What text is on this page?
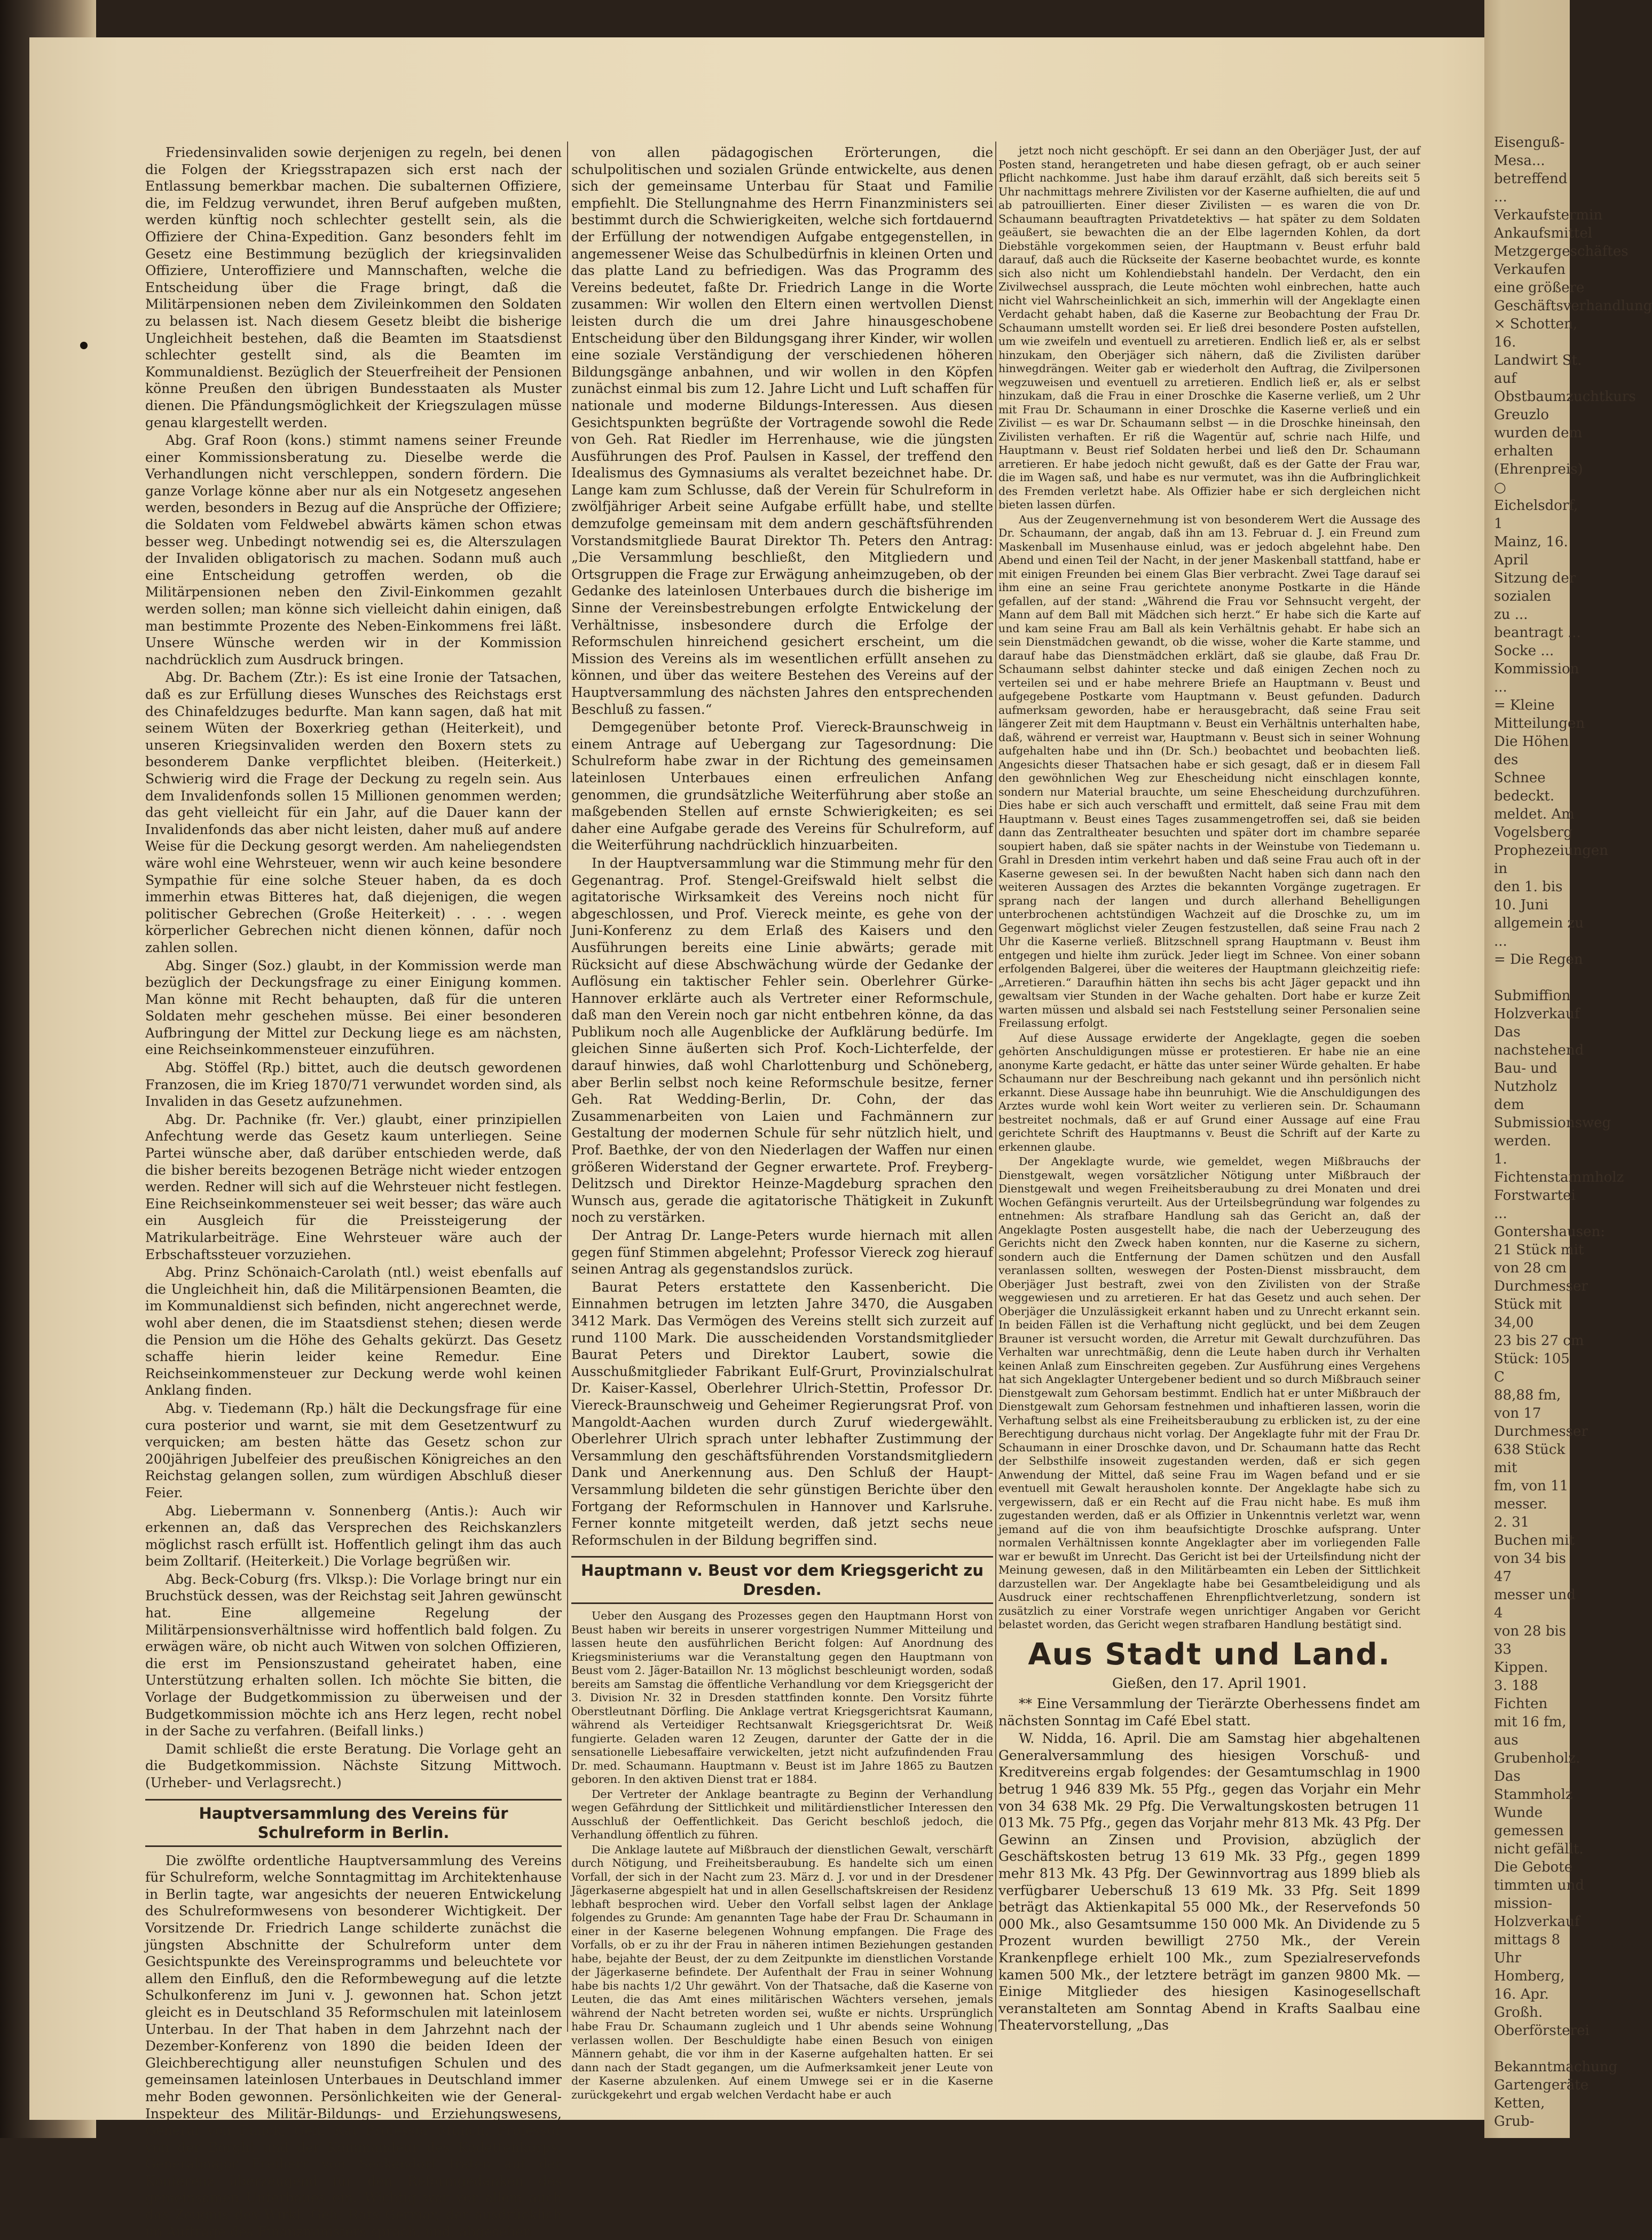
Friedensinvaliden sowie derjenigen zu regeln, bei denen die Folgen der Kriegsstrapazen sich erst nach der Entlassung bemerkbar machen. Die subalternen Offiziere, die, im Feldzug verwundet, ihren Beruf aufgeben mußten, werden künftig noch schlechter gestellt sein, als die Offiziere der China-Expedition. Ganz besonders fehlt im Gesetz eine Bestimmung bezüglich der kriegsinvaliden Offiziere, Unteroffiziere und Mannschaften, welche die Entscheidung über die Frage bringt, daß die Militärpensionen neben dem Zivileinkommen den Soldaten zu belassen ist. Nach diesem Gesetz bleibt die bisherige Ungleichheit bestehen, daß die Beamten im Staatsdienst schlechter gestellt sind, als die Beamten im Kommunaldienst. Bezüglich der Steuerfreiheit der Pensionen könne Preußen den übrigen Bundesstaaten als Muster dienen. Die Pfändungsmöglichkeit der Kriegszulagen müsse genau klargestellt werden.

Abg. Graf Roon (kons.) stimmt namens seiner Freunde einer Kommissionsberatung zu. Dieselbe werde die Verhandlungen nicht verschleppen, sondern fördern. Die ganze Vorlage könne aber nur als ein Notgesetz angesehen werden, besonders in Bezug auf die Ansprüche der Offiziere; die Soldaten vom Feldwebel abwärts kämen schon etwas besser weg. Unbedingt notwendig sei es, die Alterszulagen der Invaliden obligatorisch zu machen. Sodann muß auch eine Entscheidung getroffen werden, ob die Militärpensionen neben den Zivil-Einkommen gezahlt werden sollen; man könne sich vielleicht dahin einigen, daß man bestimmte Prozente des Neben-Einkommens frei läßt. Unsere Wünsche werden wir in der Kommission nachdrücklich zum Ausdruck bringen.

Abg. Dr. Bachem (Ztr.): Es ist eine Ironie der Tatsachen, daß es zur Erfüllung dieses Wunsches des Reichstags erst des Chinafeldzuges bedurfte. Man kann sagen, daß hat mit seinem Wüten der Boxerkrieg gethan (Heiterkeit), und unseren Kriegsinvaliden werden den Boxern stets zu besonderem Danke verpflichtet bleiben. (Heiterkeit.) Schwierig wird die Frage der Deckung zu regeln sein. Aus dem Invalidenfonds sollen 15 Millionen genommen werden; das geht vielleicht für ein Jahr, auf die Dauer kann der Invalidenfonds das aber nicht leisten, daher muß auf andere Weise für die Deckung gesorgt werden. Am naheliegendsten wäre wohl eine Wehrsteuer, wenn wir auch keine besondere Sympathie für eine solche Steuer haben, da es doch immerhin etwas Bitteres hat, daß diejenigen, die wegen politischer Gebrechen (Große Heiterkeit) . . . . wegen körperlicher Gebrechen nicht dienen können, dafür noch zahlen sollen.

Abg. Singer (Soz.) glaubt, in der Kommission werde man bezüglich der Deckungsfrage zu einer Einigung kommen. Man könne mit Recht behaupten, daß für die unteren Soldaten mehr geschehen müsse. Bei einer besonderen Aufbringung der Mittel zur Deckung liege es am nächsten, eine Reichseinkommensteuer einzuführen.

Abg. Stöffel (Rp.) bittet, auch die deutsch gewordenen Franzosen, die im Krieg 1870/71 verwundet worden sind, als Invaliden in das Gesetz aufzunehmen.

Abg. Dr. Pachnike (fr. Ver.) glaubt, einer prinzipiellen Anfechtung werde das Gesetz kaum unterliegen. Seine Partei wünsche aber, daß darüber entschieden werde, daß die bisher bereits bezogenen Beträge nicht wieder entzogen werden. Redner will sich auf die Wehrsteuer nicht festlegen. Eine Reichseinkommensteuer sei weit besser; das wäre auch ein Ausgleich für die Preissteigerung der Matrikularbeiträge. Eine Wehrsteuer wäre auch der Erbschaftssteuer vorzuziehen.

Abg. Prinz Schönaich-Carolath (ntl.) weist ebenfalls auf die Ungleichheit hin, daß die Militärpensionen Beamten, die im Kommunaldienst sich befinden, nicht angerechnet werde, wohl aber denen, die im Staatsdienst stehen; diesen werde die Pension um die Höhe des Gehalts gekürzt. Das Gesetz schaffe hierin leider keine Remedur. Eine Reichseinkommensteuer zur Deckung werde wohl keinen Anklang finden.

Abg. v. Tiedemann (Rp.) hält die Deckungsfrage für eine cura posterior und warnt, sie mit dem Gesetzentwurf zu verquicken; am besten hätte das Gesetz schon zur 200jährigen Jubelfeier des preußischen Königreiches an den Reichstag gelangen sollen, zum würdigen Abschluß dieser Feier.

Abg. Liebermann v. Sonnenberg (Antis.): Auch wir erkennen an, daß das Versprechen des Reichskanzlers möglichst rasch erfüllt ist. Hoffentlich gelingt ihm das auch beim Zolltarif. (Heiterkeit.) Die Vorlage begrüßen wir.

Abg. Beck-Coburg (frs. Vlksp.): Die Vorlage bringt nur ein Bruchstück dessen, was der Reichstag seit Jahren gewünscht hat. Eine allgemeine Regelung der Militärpensionsverhältnisse wird hoffentlich bald folgen. Zu erwägen wäre, ob nicht auch Witwen von solchen Offizieren, die erst im Pensionszustand geheiratet haben, eine Unterstützung erhalten sollen. Ich möchte Sie bitten, die Vorlage der Budgetkommission zu überweisen und der Budgetkommission möchte ich ans Herz legen, recht nobel in der Sache zu verfahren. (Beifall links.)

Damit schließt die erste Beratung. Die Vorlage geht an die Budgetkommission. Nächste Sitzung Mittwoch. (Urheber- und Verlagsrecht.)

Hauptversammlung des Vereins für Schulreform in Berlin.

Die zwölfte ordentliche Hauptversammlung des Vereins für Schulreform, welche Sonntagmittag im Architektenhause in Berlin tagte, war angesichts der neueren Entwickelung des Schulreformwesens von besonderer Wichtigkeit. Der Vorsitzende Dr. Friedrich Lange schilderte zunächst die jüngsten Abschnitte der Schulreform unter dem Gesichtspunkte des Vereinsprogramms und beleuchtete vor allem den Einfluß, den die Reformbewegung auf die letzte Schulkonferenz im Juni v. J. gewonnen hat. Schon jetzt gleicht es in Deutschland 35 Reformschulen mit lateinlosem Unterbau. In der That haben in dem Jahrzehnt nach der Dezember-Konferenz von 1890 die beiden Ideen der Gleichberechtigung aller neunstufigen Schulen und des gemeinsamen lateinlosen Unterbaues in Deutschland immer mehr Boden gewonnen. Persönlichkeiten wie der General-Inspekteur des Militär-Bildungs- und Erziehungswesens, General von Funck, Geh. Rat Professor Münch, Professor von der Borght und der Kommandeur des Kadettenkorps, Generalmajor Freiherr von Seckendorf traten auf der Konferenz überzeugend für den Reformgedanken des gemeinsamen Unterbaues ein. Wichtig war vor allem auch das Zeugnis des Wirkl. Geh. Rats Germar, der ausdrücklich im Auftrage des Finanzministers sprach, und, abgesehen

von allen pädagogischen Erörterungen, die schulpolitischen und sozialen Gründe entwickelte, aus denen sich der gemeinsame Unterbau für Staat und Familie empfiehlt. Die Stellungnahme des Herrn Finanzministers sei bestimmt durch die Schwierigkeiten, welche sich fortdauernd der Erfüllung der notwendigen Aufgabe entgegenstellen, in angemessener Weise das Schulbedürfnis in kleinen Orten und das platte Land zu befriedigen. Was das Programm des Vereins bedeutet, faßte Dr. Friedrich Lange in die Worte zusammen: Wir wollen den Eltern einen wertvollen Dienst leisten durch die um drei Jahre hinausgeschobene Entscheidung über den Bildungsgang ihrer Kinder, wir wollen eine soziale Verständigung der verschiedenen höheren Bildungsgänge anbahnen, und wir wollen in den Köpfen zunächst einmal bis zum 12. Jahre Licht und Luft schaffen für nationale und moderne Bildungs-Interessen. Aus diesen Gesichtspunkten begrüßte der Vortragende sowohl die Rede von Geh. Rat Riedler im Herrenhause, wie die jüngsten Ausführungen des Prof. Paulsen in Kassel, der treffend den Idealismus des Gymnasiums als veraltet bezeichnet habe. Dr. Lange kam zum Schlusse, daß der Verein für Schulreform in zwölfjähriger Arbeit seine Aufgabe erfüllt habe, und stellte demzufolge gemeinsam mit dem andern geschäftsführenden Vorstandsmitgliede Baurat Direktor Th. Peters den Antrag: „Die Versammlung beschließt, den Mitgliedern und Ortsgruppen die Frage zur Erwägung anheimzugeben, ob der Gedanke des lateinlosen Unterbaues durch die bisherige im Sinne der Vereinsbestrebungen erfolgte Entwickelung der Verhältnisse, insbesondere durch die Erfolge der Reformschulen hinreichend gesichert erscheint, um die Mission des Vereins als im wesentlichen erfüllt ansehen zu können, und über das weitere Bestehen des Vereins auf der Hauptversammlung des nächsten Jahres den entsprechenden Beschluß zu fassen.“

Demgegenüber betonte Prof. Viereck-Braunschweig in einem Antrage auf Uebergang zur Tagesordnung: Die Schulreform habe zwar in der Richtung des gemeinsamen lateinlosen Unterbaues einen erfreulichen Anfang genommen, die grundsätzliche Weiterführung aber stoße an maßgebenden Stellen auf ernste Schwierigkeiten; es sei daher eine Aufgabe gerade des Vereins für Schulreform, auf die Weiterführung nachdrücklich hinzuarbeiten.

In der Hauptversammlung war die Stimmung mehr für den Gegenantrag. Prof. Stengel-Greifswald hielt selbst die agitatorische Wirksamkeit des Vereins noch nicht für abgeschlossen, und Prof. Viereck meinte, es gehe von der Juni-Konferenz zu dem Erlaß des Kaisers und den Ausführungen bereits eine Linie abwärts; gerade mit Rücksicht auf diese Abschwächung würde der Gedanke der Auflösung ein taktischer Fehler sein. Oberlehrer Gürke-Hannover erklärte auch als Vertreter einer Reformschule, daß man den Verein noch gar nicht entbehren könne, da das Publikum noch alle Augenblicke der Aufklärung bedürfe. Im gleichen Sinne äußerten sich Prof. Koch-Lichterfelde, der darauf hinwies, daß wohl Charlottenburg und Schöneberg, aber Berlin selbst noch keine Reformschule besitze, ferner Geh. Rat Wedding-Berlin, Dr. Cohn, der das Zusammenarbeiten von Laien und Fachmännern zur Gestaltung der modernen Schule für sehr nützlich hielt, und Prof. Baethke, der von den Niederlagen der Waffen nur einen größeren Widerstand der Gegner erwartete. Prof. Freyberg-Delitzsch und Direktor Heinze-Magdeburg sprachen den Wunsch aus, gerade die agitatorische Thätigkeit in Zukunft noch zu verstärken.

Der Antrag Dr. Lange-Peters wurde hiernach mit allen gegen fünf Stimmen abgelehnt; Professor Viereck zog hierauf seinen Antrag als gegenstandslos zurück.

Baurat Peters erstattete den Kassenbericht. Die Einnahmen betrugen im letzten Jahre 3470, die Ausgaben 3412 Mark. Das Vermögen des Vereins stellt sich zurzeit auf rund 1100 Mark. Die ausscheidenden Vorstandsmitglieder Baurat Peters und Direktor Laubert, sowie die Ausschußmitglieder Fabrikant Eulf-Grurt, Provinzialschulrat Dr. Kaiser-Kassel, Oberlehrer Ulrich-Stettin, Professor Dr. Viereck-Braunschweig und Geheimer Regierungsrat Prof. von Mangoldt-Aachen wurden durch Zuruf wiedergewählt. Oberlehrer Ulrich sprach unter lebhafter Zustimmung der Versammlung den geschäftsführenden Vorstandsmitgliedern Dank und Anerkennung aus. Den Schluß der Haupt-Versammlung bildeten die sehr günstigen Berichte über den Fortgang der Reformschulen in Hannover und Karlsruhe. Ferner konnte mitgeteilt werden, daß jetzt sechs neue Reformschulen in der Bildung begriffen sind.

Hauptmann v. Beust vor dem Kriegsgericht zu Dresden.

Ueber den Ausgang des Prozesses gegen den Hauptmann Horst von Beust haben wir bereits in unserer vorgestrigen Nummer Mitteilung und lassen heute den ausführlichen Bericht folgen: Auf Anordnung des Kriegsministeriums war die Veranstaltung gegen den Hauptmann von Beust vom 2. Jäger-Bataillon Nr. 13 möglichst beschleunigt worden, sodaß bereits am Samstag die öffentliche Verhandlung vor dem Kriegsgericht der 3. Division Nr. 32 in Dresden stattfinden konnte. Den Vorsitz führte Oberstleutnant Dörfling. Die Anklage vertrat Kriegsgerichtsrat Kaumann, während als Verteidiger Rechtsanwalt Kriegsgerichtsrat Dr. Weiß fungierte. Geladen waren 12 Zeugen, darunter der Gatte der in die sensationelle Liebesaffaire verwickelten, jetzt nicht aufzufindenden Frau Dr. med. Schaumann. Hauptmann v. Beust ist im Jahre 1865 zu Bautzen geboren. In den aktiven Dienst trat er 1884.

Der Vertreter der Anklage beantragte zu Beginn der Verhandlung wegen Gefährdung der Sittlichkeit und militärdienstlicher Interessen den Ausschluß der Oeffentlichkeit. Das Gericht beschloß jedoch, die Verhandlung öffentlich zu führen.

Die Anklage lautete auf Mißbrauch der dienstlichen Gewalt, verschärft durch Nötigung, und Freiheitsberaubung. Es handelte sich um einen Vorfall, der sich in der Nacht zum 23. März d. J. vor und in der Dresdener Jägerkaserne abgespielt hat und in allen Gesellschaftskreisen der Residenz lebhaft besprochen wird. Ueber den Vorfall selbst lagen der Anklage folgendes zu Grunde: Am genannten Tage habe der Frau Dr. Schaumann in einer in der Kaserne belegenen Wohnung empfangen. Die Frage des Vorfalls, ob er zu ihr der Frau in näheren intimen Beziehungen gestanden habe, bejahte der Beust, der zu dem Zeitpunkte im dienstlichen Vorstande der Jägerkaserne befindete. Der Aufenthalt der Frau in seiner Wohnung habe bis nachts 1/2 Uhr gewährt. Von der Thatsache, daß die Kaserne von Leuten, die das Amt eines militärischen Wächters versehen, jemals während der Nacht betreten worden sei, wußte er nichts. Ursprünglich habe Frau Dr. Schaumann zugleich und 1 Uhr abends seine Wohnung verlassen wollen. Der Beschuldigte habe einen Besuch von einigen Männern gehabt, die vor ihm in der Kaserne aufgehalten hatten. Er sei dann nach der Stadt gegangen, um die Aufmerksamkeit jener Leute von der Kaserne abzulenken. Auf einem Umwege sei er in die Kaserne zurückgekehrt und ergab welchen Verdacht habe er auch

jetzt noch nicht geschöpft. Er sei dann an den Oberjäger Just, der auf Posten stand, herangetreten und habe diesen gefragt, ob er auch seiner Pflicht nachkomme. Just habe ihm darauf erzählt, daß sich bereits seit 5 Uhr nachmittags mehrere Zivilisten vor der Kaserne aufhielten, die auf und ab patrouillierten. Einer dieser Zivilisten — es waren die von Dr. Schaumann beauftragten Privatdetektivs — hat später zu dem Soldaten geäußert, sie bewachten die an der Elbe lagernden Kohlen, da dort Diebstähle vorgekommen seien, der Hauptmann v. Beust erfuhr bald darauf, daß auch die Rückseite der Kaserne beobachtet wurde, es konnte sich also nicht um Kohlendiebstahl handeln. Der Verdacht, den ein Zivilwechsel aussprach, die Leute möchten wohl einbrechen, hatte auch nicht viel Wahrscheinlichkeit an sich, immerhin will der Angeklagte einen Verdacht gehabt haben, daß die Kaserne zur Beobachtung der Frau Dr. Schaumann umstellt worden sei. Er ließ drei besondere Posten aufstellen, um wie zweifeln und eventuell zu arretieren. Endlich ließ er, als er selbst hinzukam, den Oberjäger sich nähern, daß die Zivilisten darüber hinwegdrängen. Weiter gab er wiederholt den Auftrag, die Zivilpersonen wegzuweisen und eventuell zu arretieren. Endlich ließ er, als er selbst hinzukam, daß die Frau in einer Droschke die Kaserne verließ, um 2 Uhr mit Frau Dr. Schaumann in einer Droschke die Kaserne verließ und ein Zivilist — es war Dr. Schaumann selbst — in die Droschke hineinsah, den Zivilisten verhaften. Er riß die Wagentür auf, schrie nach Hilfe, und Hauptmann v. Beust rief Soldaten herbei und ließ den Dr. Schaumann arretieren. Er habe jedoch nicht gewußt, daß es der Gatte der Frau war, die im Wagen saß, und habe es nur vermutet, was ihn die Aufbringlichkeit des Fremden verletzt habe. Als Offizier habe er sich dergleichen nicht bieten lassen dürfen.

Aus der Zeugenvernehmung ist von besonderem Wert die Aussage des Dr. Schaumann, der angab, daß ihn am 13. Februar d. J. ein Freund zum Maskenball im Musenhause einlud, was er jedoch abgelehnt habe. Den Abend und einen Teil der Nacht, in der jener Maskenball stattfand, habe er mit einigen Freunden bei einem Glas Bier verbracht. Zwei Tage darauf sei ihm eine an seine Frau gerichtete anonyme Postkarte in die Hände gefallen, auf der stand: „Während die Frau vor Sehnsucht vergeht, der Mann auf dem Ball mit Mädchen sich herzt.“ Er habe sich die Karte auf und kam seine Frau am Ball als kein Verhältnis gehabt. Er habe sich an sein Dienstmädchen gewandt, ob die wisse, woher die Karte stamme, und darauf habe das Dienstmädchen erklärt, daß sie glaube, daß Frau Dr. Schaumann selbst dahinter stecke und daß einigen Zechen noch zu verteilen sei und er habe mehrere Briefe an Hauptmann v. Beust und aufgegebene Postkarte vom Hauptmann v. Beust gefunden. Dadurch aufmerksam geworden, habe er herausgebracht, daß seine Frau seit längerer Zeit mit dem Hauptmann v. Beust ein Verhältnis unterhalten habe, daß, während er verreist war, Hauptmann v. Beust sich in seiner Wohnung aufgehalten habe und ihn (Dr. Sch.) beobachtet und beobachten ließ. Angesichts dieser Thatsachen habe er sich gesagt, daß er in diesem Fall den gewöhnlichen Weg zur Ehescheidung nicht einschlagen konnte, sondern nur Material brauchte, um seine Ehescheidung durchzuführen. Dies habe er sich auch verschafft und ermittelt, daß seine Frau mit dem Hauptmann v. Beust eines Tages zusammengetroffen sei, daß sie beiden dann das Zentraltheater besuchten und später dort im chambre separée soupiert haben, daß sie später nachts in der Weinstube von Tiedemann u. Grahl in Dresden intim verkehrt haben und daß seine Frau auch oft in der Kaserne gewesen sei. In der bewußten Nacht haben sich dann nach den weiteren Aussagen des Arztes die bekannten Vorgänge zugetragen. Er sprang nach der langen und durch allerhand Behelligungen unterbrochenen achtstündigen Wachzeit auf die Droschke zu, um im Gegenwart möglichst vieler Zeugen festzustellen, daß seine Frau nach 2 Uhr die Kaserne verließ. Blitzschnell sprang Hauptmann v. Beust ihm entgegen und hielte ihm zurück. Jeder liegt im Schnee. Von einer sobann erfolgenden Balgerei, über die weiteres der Hauptmann gleichzeitig riefe: „Arretieren.“ Daraufhin hätten ihn sechs bis acht Jäger gepackt und ihn gewaltsam vier Stunden in der Wache gehalten. Dort habe er kurze Zeit warten müssen und alsbald sei nach Feststellung seiner Personalien seine Freilassung erfolgt.

Auf diese Aussage erwiderte der Angeklagte, gegen die soeben gehörten Anschuldigungen müsse er protestieren. Er habe nie an eine anonyme Karte gedacht, er hätte das unter seiner Würde gehalten. Er habe Schaumann nur der Beschreibung nach gekannt und ihn persönlich nicht erkannt. Diese Aussage habe ihn beunruhigt. Wie die Anschuldigungen des Arztes wurde wohl kein Wort weiter zu verlieren sein. Dr. Schaumann bestreitet nochmals, daß er auf Grund einer Aussage auf eine Frau gerichtete Schrift des Hauptmanns v. Beust die Schrift auf der Karte zu erkennen glaube.

Der Angeklagte wurde, wie gemeldet, wegen Mißbrauchs der Dienstgewalt, wegen vorsätzlicher Nötigung unter Mißbrauch der Dienstgewalt und wegen Freiheitsberaubung zu drei Monaten und drei Wochen Gefängnis verurteilt. Aus der Urteilsbegründung war folgendes zu entnehmen: Als strafbare Handlung sah das Gericht an, daß der Angeklagte Posten ausgestellt habe, die nach der Ueberzeugung des Gerichts nicht den Zweck haben konnten, nur die Kaserne zu sichern, sondern auch die Entfernung der Damen schützen und den Ausfall veranlassen sollten, weswegen der Posten-Dienst missbraucht, dem Oberjäger Just bestraft, zwei von den Zivilisten von der Straße weggewiesen und zu arretieren. Er hat das Gesetz und auch sehen. Der Oberjäger die Unzulässigkeit erkannt haben und zu Unrecht erkannt sein. In beiden Fällen ist die Verhaftung nicht geglückt, und bei dem Zeugen Brauner ist versucht worden, die Arretur mit Gewalt durchzuführen. Das Verhalten war unrechtmäßig, denn die Leute haben durch ihr Verhalten keinen Anlaß zum Einschreiten gegeben. Zur Ausführung eines Vergehens hat sich Angeklagter Untergebener bedient und so durch Mißbrauch seiner Dienstgewalt zum Gehorsam bestimmt. Endlich hat er unter Mißbrauch der Dienstgewalt zum Gehorsam festnehmen und inhaftieren lassen, worin die Verhaftung selbst als eine Freiheitsberaubung zu erblicken ist, zu der eine Berechtigung durchaus nicht vorlag. Der Angeklagte fuhr mit der Frau Dr. Schaumann in einer Droschke davon, und Dr. Schaumann hatte das Recht der Selbsthilfe insoweit zugestanden werden, daß er sich gegen Anwendung der Mittel, daß seine Frau im Wagen befand und er sie eventuell mit Gewalt herausholen konnte. Der Angeklagte habe sich zu vergewissern, daß er ein Recht auf die Frau nicht habe. Es muß ihm zugestanden werden, daß er als Offizier in Unkenntnis verletzt war, wenn jemand auf die von ihm beaufsichtigte Droschke aufsprang. Unter normalen Verhältnissen konnte Angeklagter aber im vorliegenden Falle war er bewußt im Unrecht. Das Gericht ist bei der Urteilsfindung nicht der Meinung gewesen, daß in den Militärbeamten ein Leben der Sittlichkeit darzustellen war. Der Angeklagte habe bei Gesamtbeleidigung und als Ausdruck einer rechtschaffenen Ehrenpflichtverletzung, sondern ist zusätzlich zu einer Vorstrafe wegen unrichtiger Angaben vor Gericht belastet worden, das Gericht wegen strafbaren Handlung bestätigt sind.

Aus Stadt und Land.
Gießen, den 17. April 1901.

** Eine Versammlung der Tierärzte Oberhessens findet am nächsten Sonntag im Café Ebel statt.

W. Nidda, 16. April. Die am Samstag hier abgehaltenen Generalversammlung des hiesigen Vorschuß- und Kreditvereins ergab folgendes: der Gesamtumschlag in 1900 betrug 1 946 839 Mk. 55 Pfg., gegen das Vorjahr ein Mehr von 34 638 Mk. 29 Pfg. Die Verwaltungskosten betrugen 11 013 Mk. 75 Pfg., gegen das Vorjahr mehr 813 Mk. 43 Pfg. Der Gewinn an Zinsen und Provision, abzüglich der Geschäftskosten betrug 13 619 Mk. 33 Pfg., gegen 1899 mehr 813 Mk. 43 Pfg. Der Gewinnvortrag aus 1899 blieb als verfügbarer Ueberschuß 13 619 Mk. 33 Pfg. Seit 1899 beträgt das Aktienkapital 55 000 Mk., der Reservefonds 50 000 Mk., also Gesamtsumme 150 000 Mk. An Dividende zu 5 Prozent wurden bewilligt 2750 Mk., der Verein Krankenpflege erhielt 100 Mk., zum Spezialreservefonds kamen 500 Mk., der letztere beträgt im ganzen 9800 Mk. — Einige Mitglieder des hiesigen Kasinogesellschaft veranstalteten am Sonntag Abend in Krafts Saalbau eine Theatervorstellung, „Das

Eisenguß-Mesa...
betreffend ...
Verkaufstermin
Ankaufsmittel
Metzgergeschäftes
Verkaufen eine größere
Geschäftsverhandlung
× Schotten, 16.
Landwirt St. auf
Obstbaumzuchtkurs
Greuzlo wurden dem
erhalten (Ehrenpreis)
○ Eichelsdorf, 1
Mainz, 16. April
Sitzung der sozialen
zu ...
beantragt ...
Socke ...
Kommission ...
= Kleine Mitteilungen
Die Höhen des
Schnee bedeckt.
meldet. Am Vogelsberg
Prophezeiungen in
den 1. bis 10. Juni
allgemein zu ...
= Die Regen

Submiffion
Holzverkauf
Das nachstehend
Bau- und Nutzholz
dem Submissionsweg
werden.
1. Fichtenstammholz
Forstwartei ...
Gontershausen:
21 Stück mit
von 28 cm
Durchmesser
Stück mit 34,00
23 bis 27 cm
Stück: 105 C
88,88 fm, von 17
Durchmesser
638 Stück mit
fm, von 11
messer.
2. 31 Buchen mit
von 34 bis 47
messer und 4
von 28 bis 33
Kippen.
3. 188 Fichten
mit 16 fm, aus
Grubenholz.
Das Stammholz
Wunde gemessen
nicht gefällt.
Die Gebote
timmten und
mission-Holzverkauf
mittags 8 Uhr
Homberg, 16. Apr.
Großh. Oberförsterei

Bekanntmachung
Gartengeräte
Ketten, Grub-
